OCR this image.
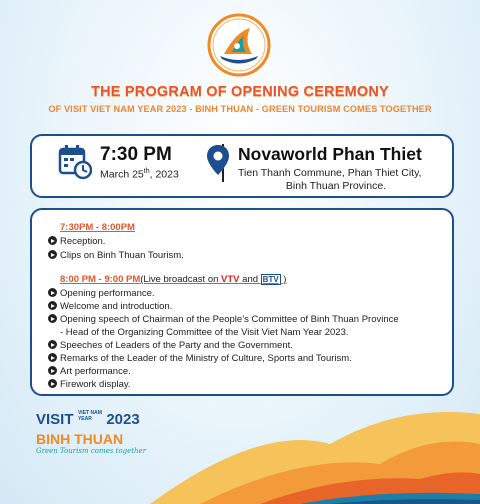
THE PROGRAM OF OPENING CEREMONY
OF VISIT VIET NAM YEAR 2023 - BINH THUAN - GREEN TOURISM COMES TOGETHER
7:30 PM
March 25th, 2023
Novaworld Phan Thiet
Tien Thanh Commune, Phan Thiet City,
Binh Thuan Province.
7:30PM - 8:00PM
Reception.
Clips on Binh Thuan Tourism.
8:00 PM - 9:00 PM(Live broadcast on VTV and BTV )
Opening performance.
Welcome and introduction.
Opening speech of Chairman of the People’s Committee of Binh Thuan Province
- Head of the Organizing Committee of the Visit Viet Nam Year 2023.
Speeches of Leaders of the Party and the Government.
Remarks of the Leader of the Ministry of Culture, Sports and Tourism.
Art performance.
Firework display.
VISIT VIET NAM
YEAR 2023
BINH THUAN
Green Tourism comes together
